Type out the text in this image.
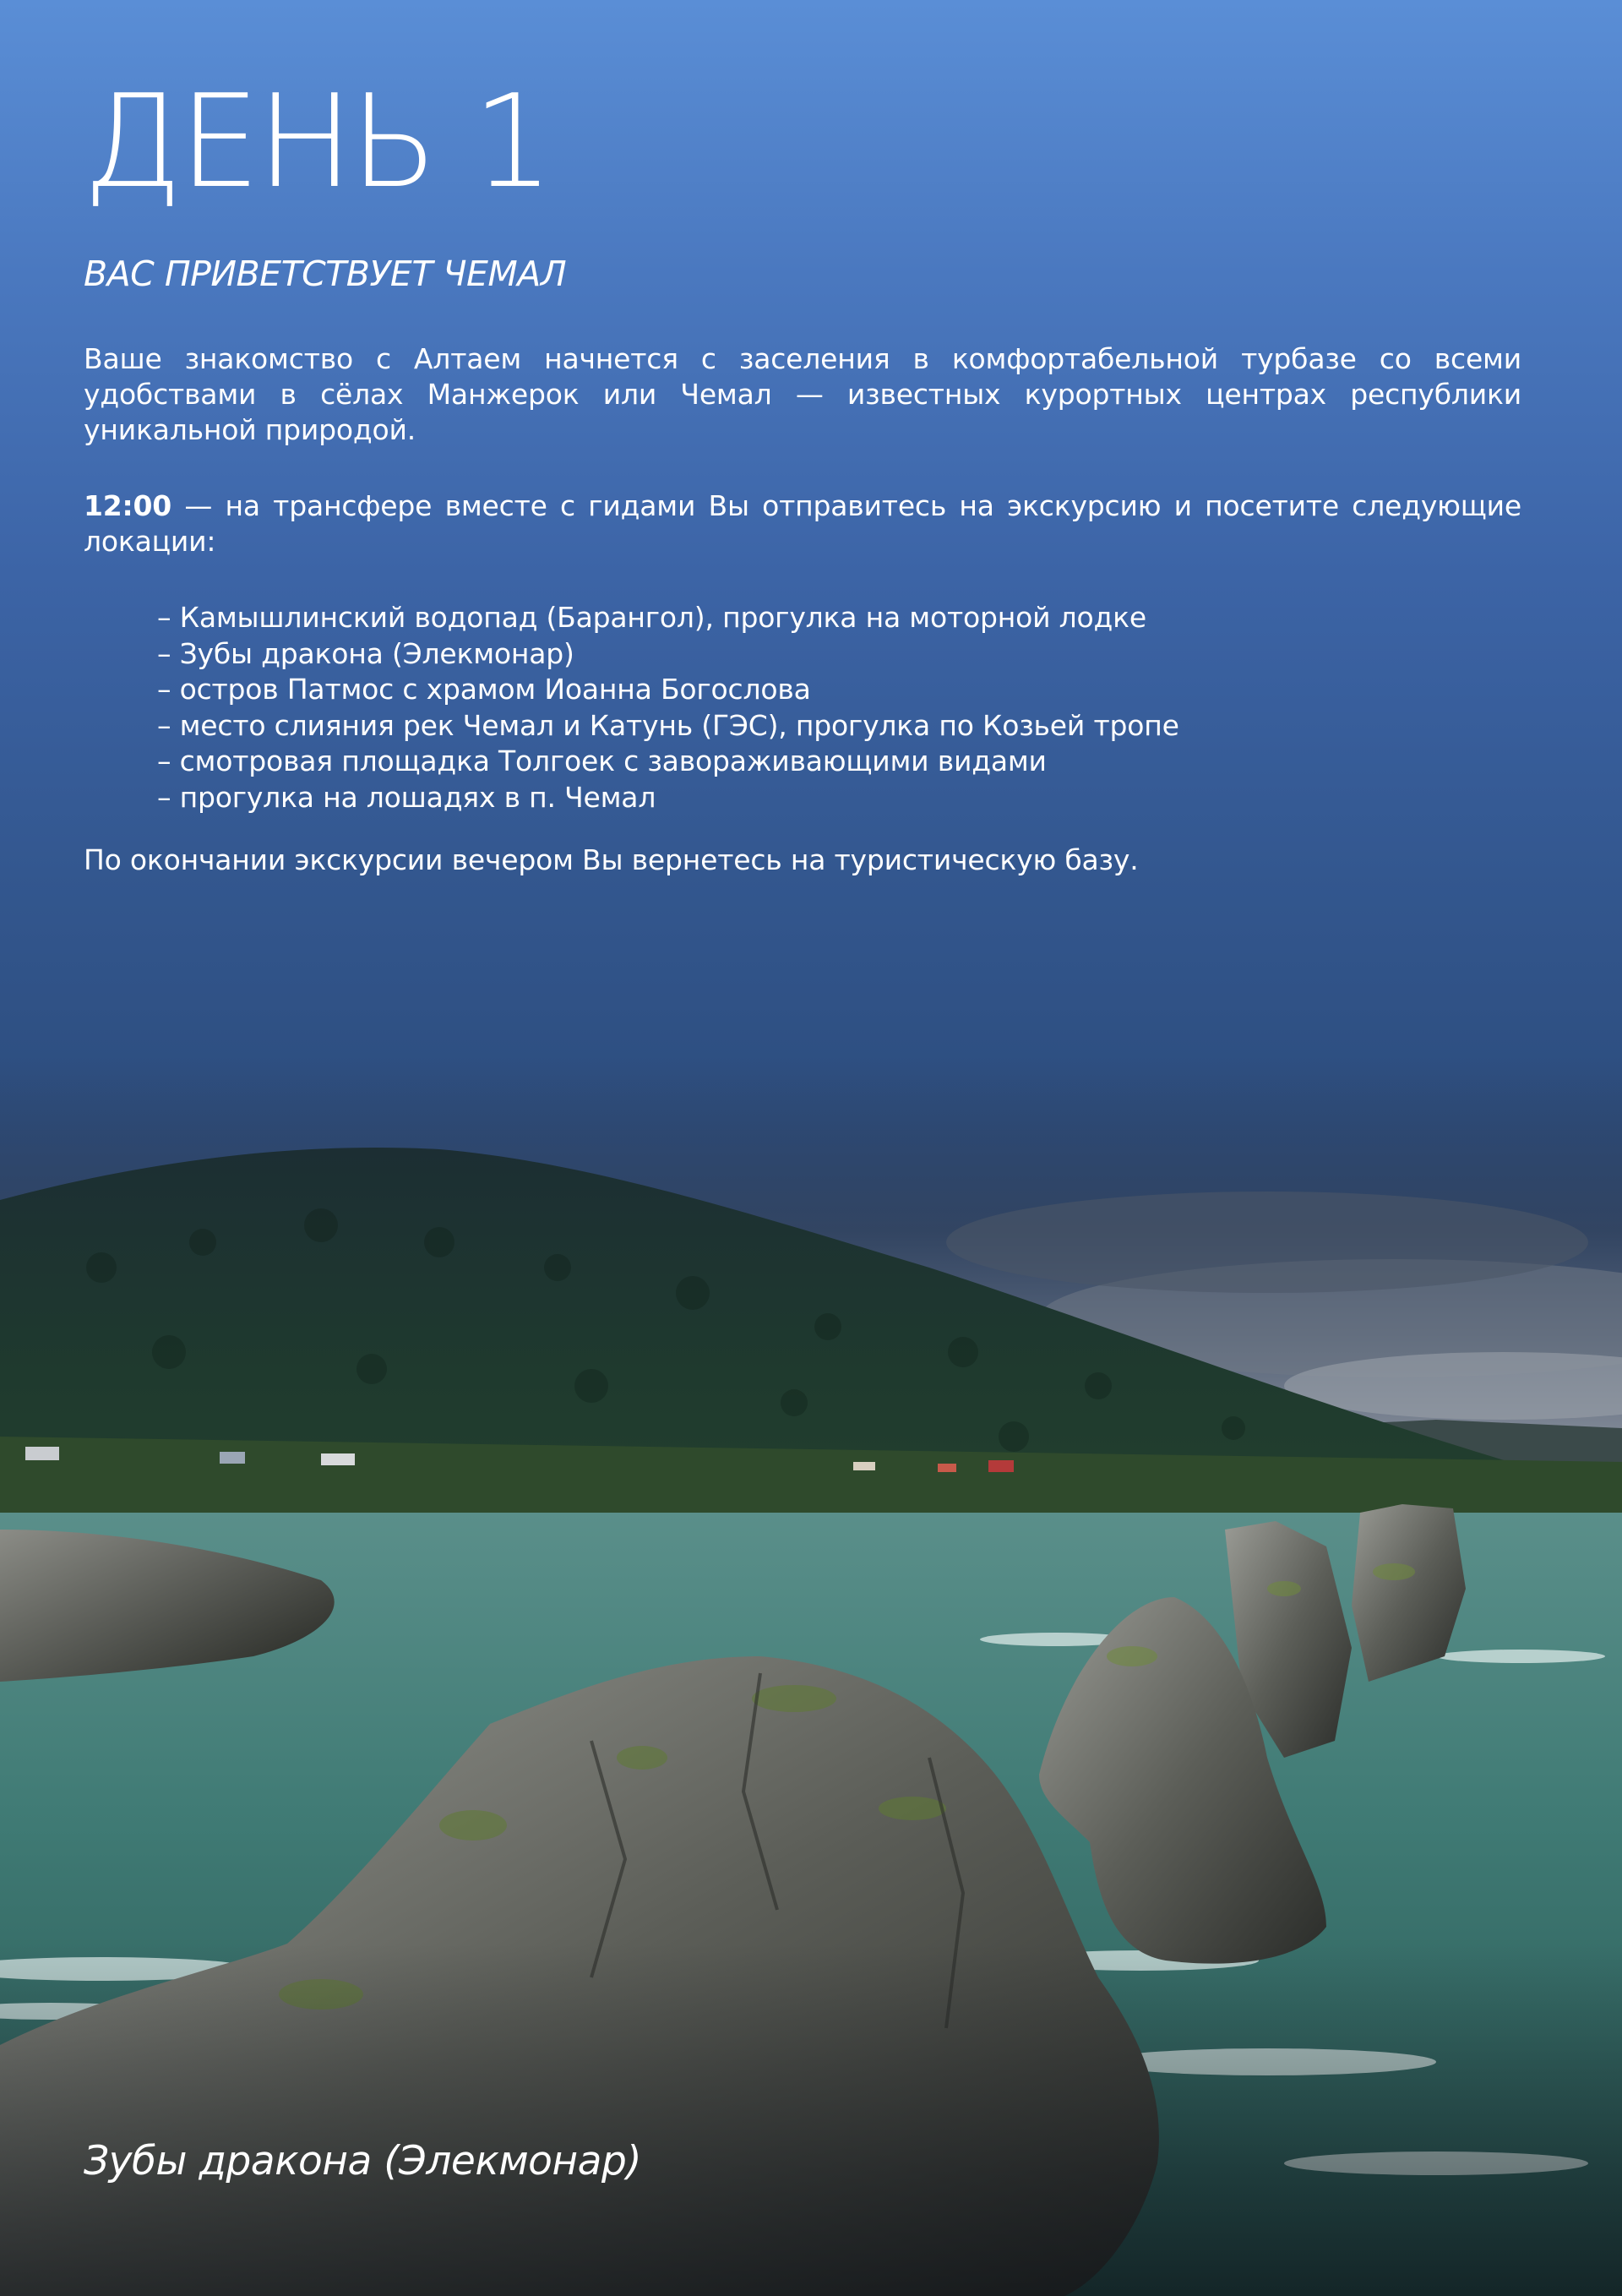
ДЕНЬ 1
ВАС ПРИВЕТСТВУЕТ ЧЕМАЛ

Ваше знакомство с Алтаем начнется с заселения в комфортабельной турбазе со всеми удобствами в сёлах Манжерок или Чемал — известных курортных центрах республики уникальной природой.

12:00 — на трансфере вместе с гидами Вы отправитесь на экскурсию и посетите следующие локации:

– Камышлинский водопад (Барангол), прогулка на моторной лодке
– Зубы дракона (Элекмонар)
– остров Патмос с храмом Иоанна Богослова
– место слияния рек Чемал и Катунь (ГЭС), прогулка по Козьей тропе
– смотровая площадка Толгоек с завораживающими видами
– прогулка на лошадях в п. Чемал

По окончании экскурсии вечером Вы вернетесь на туристическую базу.

Зубы дракона (Элекмонар)
